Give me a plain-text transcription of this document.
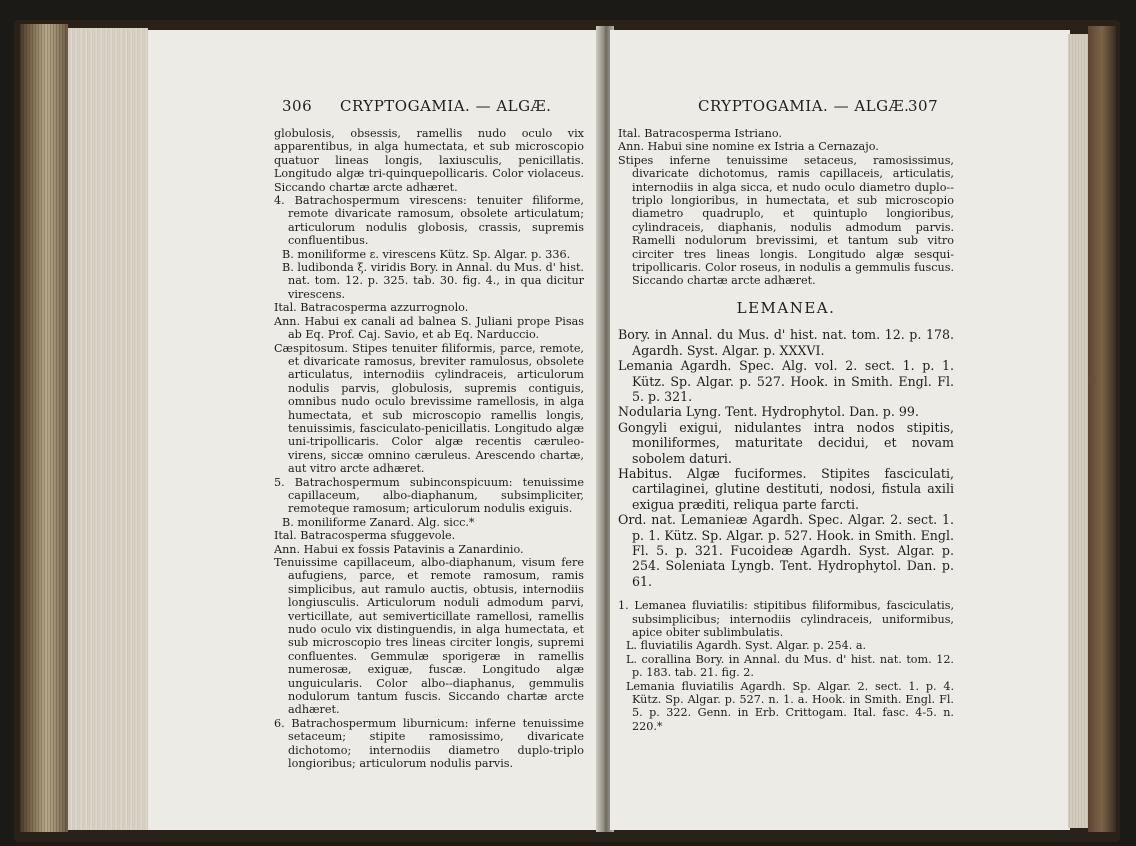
306 CRYPTOGAMIA. — ALGÆ.

globulosis, obsessis, ramellis nudo oculo vix apparentibus, in alga humectata, et sub microscopio quatuor lineas longis, laxiusculis, penicillatis. Longitudo algæ tri-quinquepollicaris. Color violaceus. Siccando chartæ arcte adhæret.

4. Batrachospermum virescens: tenuiter filiforme, remote divaricate ramosum, obsolete articulatum; articulorum nodulis globosis, crassis, supremis confluentibus.

B. moniliforme ε. virescens Kütz. Sp. Algar. p. 336.

B. ludibonda ξ. viridis Bory. in Annal. du Mus. d' hist. nat. tom. 12. p. 325. tab. 30. fig. 4., in qua dicitur virescens.

Ital. Batracosperma azzurrognolo.

Ann. Habui ex canali ad balnea S. Juliani prope Pisas ab Eq. Prof. Caj. Savio, et ab Eq. Narduccio.

Cæspitosum. Stipes tenuiter filiformis, parce, remote, et divaricate ramosus, breviter ramulosus, obsolete articulatus, internodiis cylindraceis, articulorum nodulis parvis, globulosis, supremis contiguis, omnibus nudo oculo brevissime ramellosis, in alga humectata, et sub microscopio ramellis longis, tenuissimis, fasciculato-penicillatis. Longitudo algæ uni-tripollicaris. Color algæ recentis cæruleo-virens, siccæ omnino cæruleus. Arescendo chartæ, aut vitro arcte adhæret.

5. Batrachospermum subinconspicuum: tenuissime capillaceum, albo-diaphanum, subsimpliciter, remoteque ramosum; articulorum nodulis exiguis.

B. moniliforme Zanard. Alg. sicc.*

Ital. Batracosperma sfuggevole.

Ann. Habui ex fossis Patavinis a Zanardinio.

Tenuissime capillaceum, albo-diaphanum, visum fere aufugiens, parce, et remote ramosum, ramis simplicibus, aut ramulo auctis, obtusis, internodiis longiusculis. Articulorum noduli admodum parvi, verticillate, aut semiverticillate ramellosi, ramellis nudo oculo vix distinguendis, in alga humectata, et sub microscopio tres lineas circiter longis, supremi confluentes. Gemmulæ sporigeræ in ramellis numerosæ, exiguæ, fuscæ. Longitudo algæ unguicularis. Color albo--diaphanus, gemmulis nodulorum tantum fuscis. Siccando chartæ arcte adhæret.

6. Batrachospermum liburnicum: inferne tenuissime setaceum; stipite ramosissimo, divaricate dichotomo; internodiis diametro duplo-triplo longioribus; articulorum nodulis parvis.

CRYPTOGAMIA. — ALGÆ.
307

Ital. Batracosperma Istriano.

Ann. Habui sine nomine ex Istria a Cernazajo.

Stipes inferne tenuissime setaceus, ramosissimus, divaricate dichotomus, ramis capillaceis, articulatis, internodiis in alga sicca, et nudo oculo diametro duplo--triplo longioribus, in humectata, et sub microscopio diametro quadruplo, et quintuplo longioribus, cylindraceis, diaphanis, nodulis admodum parvis. Ramelli nodulorum brevissimi, et tantum sub vitro circiter tres lineas longis. Longitudo algæ sesqui-tripollicaris. Color roseus, in nodulis a gemmulis fuscus. Siccando chartæ arcte adhæret.

LEMANEA.

Bory. in Annal. du Mus. d' hist. nat. tom. 12. p. 178. Agardh. Syst. Algar. p. XXXVI.

Lemania Agardh. Spec. Alg. vol. 2. sect. 1. p. 1. Kütz. Sp. Algar. p. 527. Hook. in Smith. Engl. Fl. 5. p. 321.

Nodularia Lyng. Tent. Hydrophytol. Dan. p. 99.

Gongyli exigui, nidulantes intra nodos stipitis, moniliformes, maturitate decidui, et novam sobolem daturi.

Habitus. Algæ fuciformes. Stipites fasciculati, cartilaginei, glutine destituti, nodosi, fistula axili exigua præditi, reliqua parte farcti.

Ord. nat. Lemanieæ Agardh. Spec. Algar. 2. sect. 1. p. 1. Kütz. Sp. Algar. p. 527. Hook. in Smith. Engl. Fl. 5. p. 321. Fucoideæ Agardh. Syst. Algar. p. 254. Soleniata Lyngb. Tent. Hydrophytol. Dan. p. 61.

1. Lemanea fluviatilis: stipitibus filiformibus, fasciculatis, subsimplicibus; internodiis cylindraceis, uniformibus, apice obiter sublimbulatis.

L. fluviatilis Agardh. Syst. Algar. p. 254. a.

L. corallina Bory. in Annal. du Mus. d' hist. nat. tom. 12. p. 183. tab. 21. fig. 2.

Lemania fluviatilis Agardh. Sp. Algar. 2. sect. 1. p. 4. Kütz. Sp. Algar. p. 527. n. 1. a. Hook. in Smith. Engl. Fl. 5. p. 322. Genn. in Erb. Crittogam. Ital. fasc. 4-5. n. 220.*
